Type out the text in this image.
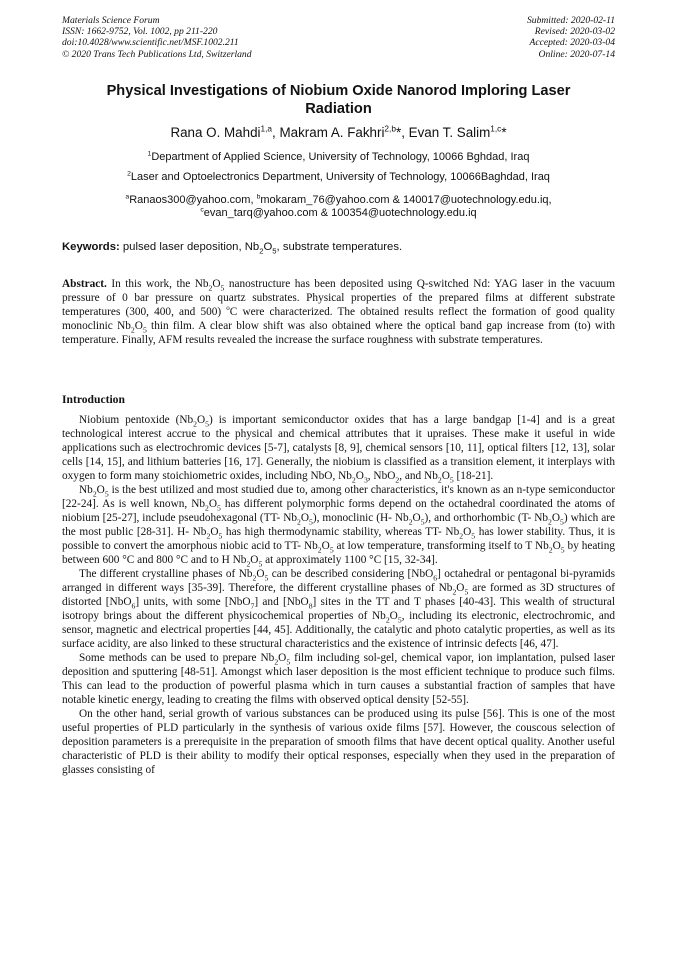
Materials Science Forum
ISSN: 1662-9752, Vol. 1002, pp 211-220
doi:10.4028/www.scientific.net/MSF.1002.211
© 2020 Trans Tech Publications Ltd, Switzerland
Submitted: 2020-02-11
Revised: 2020-03-02
Accepted: 2020-03-04
Online: 2020-07-14
Physical Investigations of Niobium Oxide Nanorod Imploring Laser
Radiation
Rana O. Mahdi$^{1,a}$, Makram A. Fakhri$^{2,b}$*, Evan T. Salim$^{1,c}$*
$^1$Department of Applied Science, University of Technology, 10066 Bghdad, Iraq
$^2$Laser and Optoelectronics Department, University of Technology, 10066Baghdad, Iraq
$^a$Ranaos300@yahoo.com, $^b$mokaram_76@yahoo.com & 140017@uotechnology.edu.iq,
$^c$evan_tarq@yahoo.com & 100354@uotechnology.edu.iq
Keywords: pulsed laser deposition, $Nb_2O_5$, substrate temperatures.

Abstract. In this work, the $Nb_2O_5$ nanostructure has been deposited using Q-switched Nd: YAG laser in the vacuum pressure of 0 bar pressure on quartz substrates. Physical properties of the prepared films at different substrate temperatures (300, 400, and 500) $^o$C were characterized. The obtained results reflect the formation of good quality monoclinic $Nb_2O_5$ thin film. A clear blow shift was also obtained where the optical band gap increase from (to) with temperature. Finally, AFM results revealed the increase the surface roughness with substrate temperatures.

Introduction

Niobium pentoxide $(Nb_2O_5)$ is important semiconductor oxides that has a large bandgap [1-4] and is a great technological interest accrue to the physical and chemical attributes that it upraises. These make it useful in wide applications such as electrochromic devices [5-7], catalysts [8, 9], chemical sensors [10, 11], optical filters [12, 13], solar cells [14, 15], and lithium batteries [16, 17]. Generally, the niobium is classified as a transition element, it interplays with oxygen to form many stoichiometric oxides, including NbO, $Nb_2O_3$, NbO$_2$, and $Nb_2O_5$ [18-21].

$Nb_2O_5$ is the best utilized and most studied due to, among other characteristics, it's known as an n-type semiconductor [22-24]. As is well known, $Nb_2O_5$ has different polymorphic forms depend on the octahedral coordinated the atoms of niobium [25-27], include pseudohexagonal (TT- $Nb_2O_5$), monoclinic (H- $Nb_2O_5$), and orthorhombic (T- $Nb_2O_5$) which are the most public [28-31]. H- $Nb_2O_5$ has high thermodynamic stability, whereas TT- $Nb_2O_5$ has lower stability. Thus, it is possible to convert the amorphous niobic acid to TT- $Nb_2O_5$ at low temperature, transforming itself to T $Nb_2O_5$ by heating between 600 °C and 800 °C and to H $Nb_2O_5$ at approximately 1100 °C [15, 32-34].

The different crystalline phases of $Nb_2O_5$ can be described considering [NbO$_6$] octahedral or pentagonal bi-pyramids arranged in different ways [35-39]. Therefore, the different crystalline phases of $Nb_2O_5$ are formed as 3D structures of distorted [NbO$_6$] units, with some [NbO$_7$] and [NbO$_8$] sites in the TT and T phases [40-43]. This wealth of structural isotropy brings about the different physicochemical properties of $Nb_2O_5$, including its electronic, electrochromic, and sensor, magnetic and electrical properties [44, 45]. Additionally, the catalytic and photo catalytic properties, as well as its surface acidity, are also linked to these structural characteristics and the existence of intrinsic defects [46, 47].

Some methods can be used to prepare $Nb_2O_5$ film including sol-gel, chemical vapor, ion implantation, pulsed laser deposition and sputtering [48-51]. Amongst which laser deposition is the most efficient technique to produce such films. This can lead to the production of powerful plasma which in turn causes a substantial fraction of samples that have notable kinetic energy, leading to creating the films with observed optical density [52-55].

On the other hand, serial growth of various substances can be produced using its pulse [56]. This is one of the most useful properties of PLD particularly in the synthesis of various oxide films [57]. However, the couscous selection of deposition parameters is a prerequisite in the preparation of smooth films that have decent optical quality. Another useful characteristic of PLD is their ability to modify their optical responses, especially when they used in the preparation of glasses consisting of
